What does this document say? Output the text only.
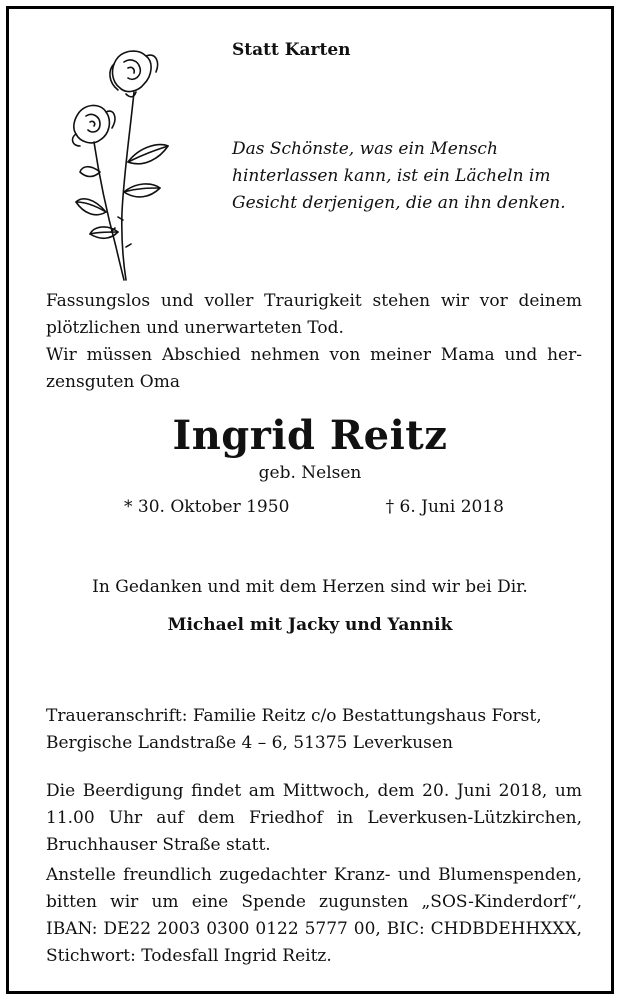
Statt Karten
Das Schönste, was ein Mensch
hinterlassen kann, ist ein Lächeln im
Gesicht derjenigen, die an ihn denken.
Fassungslos und voller Traurigkeit stehen wir vor deinem
plötzlichen und unerwarteten Tod.
Wir müssen Abschied nehmen von meiner Mama und her-
zensguten Oma
Ingrid Reitz
geb. Nelsen
* 30. Oktober 1950	† 6. Juni 2018
In Gedanken und mit dem Herzen sind wir bei Dir.
Michael mit Jacky und Yannik
Traueranschrift: Familie Reitz c/o Bestattungshaus Forst,
Bergische Landstraße 4 – 6, 51375 Leverkusen
Die Beerdigung findet am Mittwoch, dem 20. Juni 2018, um
11.00 Uhr auf dem Friedhof in Leverkusen-Lützkirchen,
Bruchhauser Straße statt.
Anstelle freundlich zugedachter Kranz- und Blumenspenden,
bitten wir um eine Spende zugunsten „SOS-Kinderdorf“,
IBAN: DE22 2003 0300 0122 5777 00, BIC: CHDBDEHHXXX,
Stichwort: Todesfall Ingrid Reitz.
